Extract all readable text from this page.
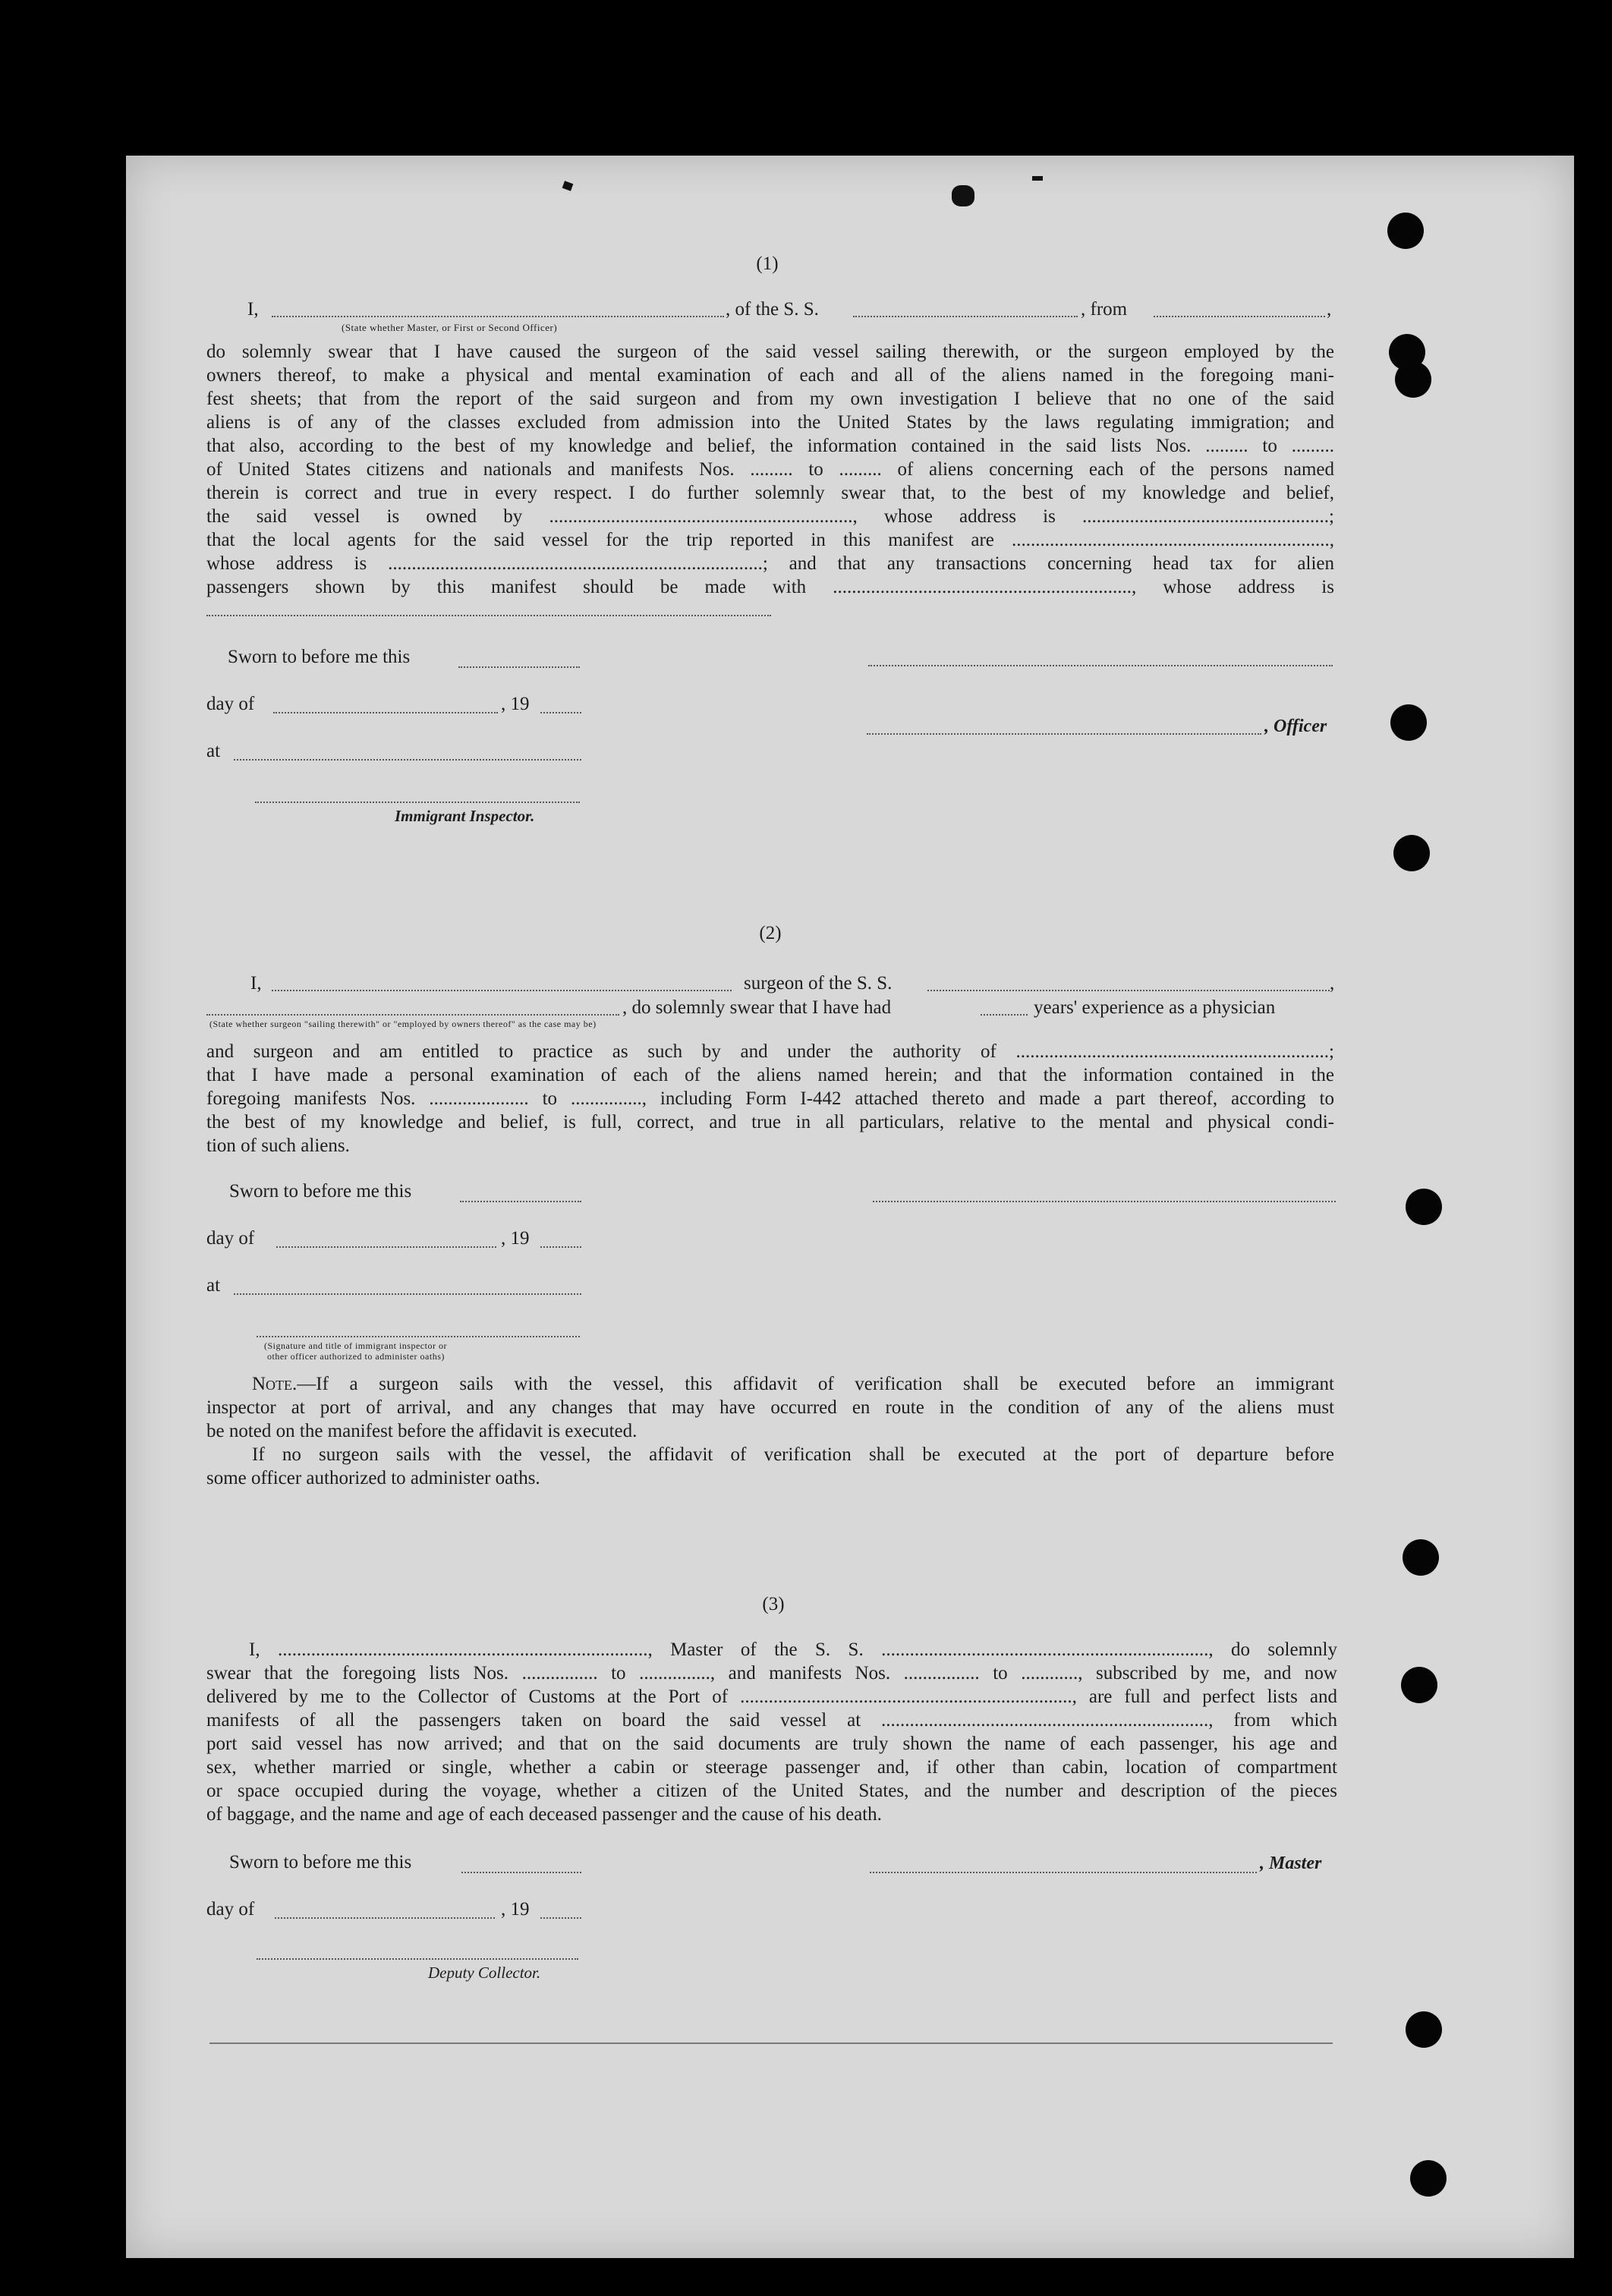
(1)
I,	, of the S. S.	, from	,
(State whether Master, or First or Second Officer)
do solemnly swear that I have caused the surgeon of the said vessel sailing therewith, or the surgeon employed by the
owners thereof, to make a physical and mental examination of each and all of the aliens named in the foregoing mani-
fest sheets; that from the report of the said surgeon and from my own investigation I believe that no one of the said
aliens is of any of the classes excluded from admission into the United States by the laws regulating immigration; and
that also, according to the best of my knowledge and belief, the information contained in the said lists Nos. ......... to .........
of United States citizens and nationals and manifests Nos. ......... to ......... of aliens concerning each of the persons named
therein is correct and true in every respect. I do further solemnly swear that, to the best of my knowledge and belief,
the said vessel is owned by ................................................................, whose address is ....................................................;
that the local agents for the said vessel for the trip reported in this manifest are ...................................................................,
whose address is ...............................................................................; and that any transactions concerning head tax for alien
passengers shown by this manifest should be made with ..............................................................., whose address is
Sworn to before me this
day of	, 19
, Officer
at
Immigrant Inspector.
(2)
I,	surgeon of the S. S.	,
, do solemnly swear that I have had	years' experience as a physician
(State whether surgeon "sailing therewith" or "employed by owners thereof" as the case may be)
and surgeon and am entitled to practice as such by and under the authority of ..................................................................;
that I have made a personal examination of each of the aliens named herein; and that the information contained in the
foregoing manifests Nos. ..................... to ..............., including Form I-442 attached thereto and made a part thereof, according to
the best of my knowledge and belief, is full, correct, and true in all particulars, relative to the mental and physical condi-
tion of such aliens.
Sworn to before me this
day of	, 19
at
(Signature and title of immigrant inspector or
other officer authorized to administer oaths)
Note.—If a surgeon sails with the vessel, this affidavit of verification shall be executed before an immigrant
inspector at port of arrival, and any changes that may have occurred en route in the condition of any of the aliens must
be noted on the manifest before the affidavit is executed.
If no surgeon sails with the vessel, the affidavit of verification shall be executed at the port of departure before
some officer authorized to administer oaths.
(3)
I, .............................................................................., Master of the S. S. ....................................................................., do solemnly
swear that the foregoing lists Nos. ................ to ..............., and manifests Nos. ................ to ............, subscribed by me, and now
delivered by me to the Collector of Customs at the Port of ......................................................................, are full and perfect lists and
manifests of all the passengers taken on board the said vessel at ....................................................................., from which
port said vessel has now arrived; and that on the said documents are truly shown the name of each passenger, his age and
sex, whether married or single, whether a cabin or steerage passenger and, if other than cabin, location of compartment
or space occupied during the voyage, whether a citizen of the United States, and the number and description of the pieces
of baggage, and the name and age of each deceased passenger and the cause of his death.
Sworn to before me this	, Master
day of	, 19
Deputy Collector.
